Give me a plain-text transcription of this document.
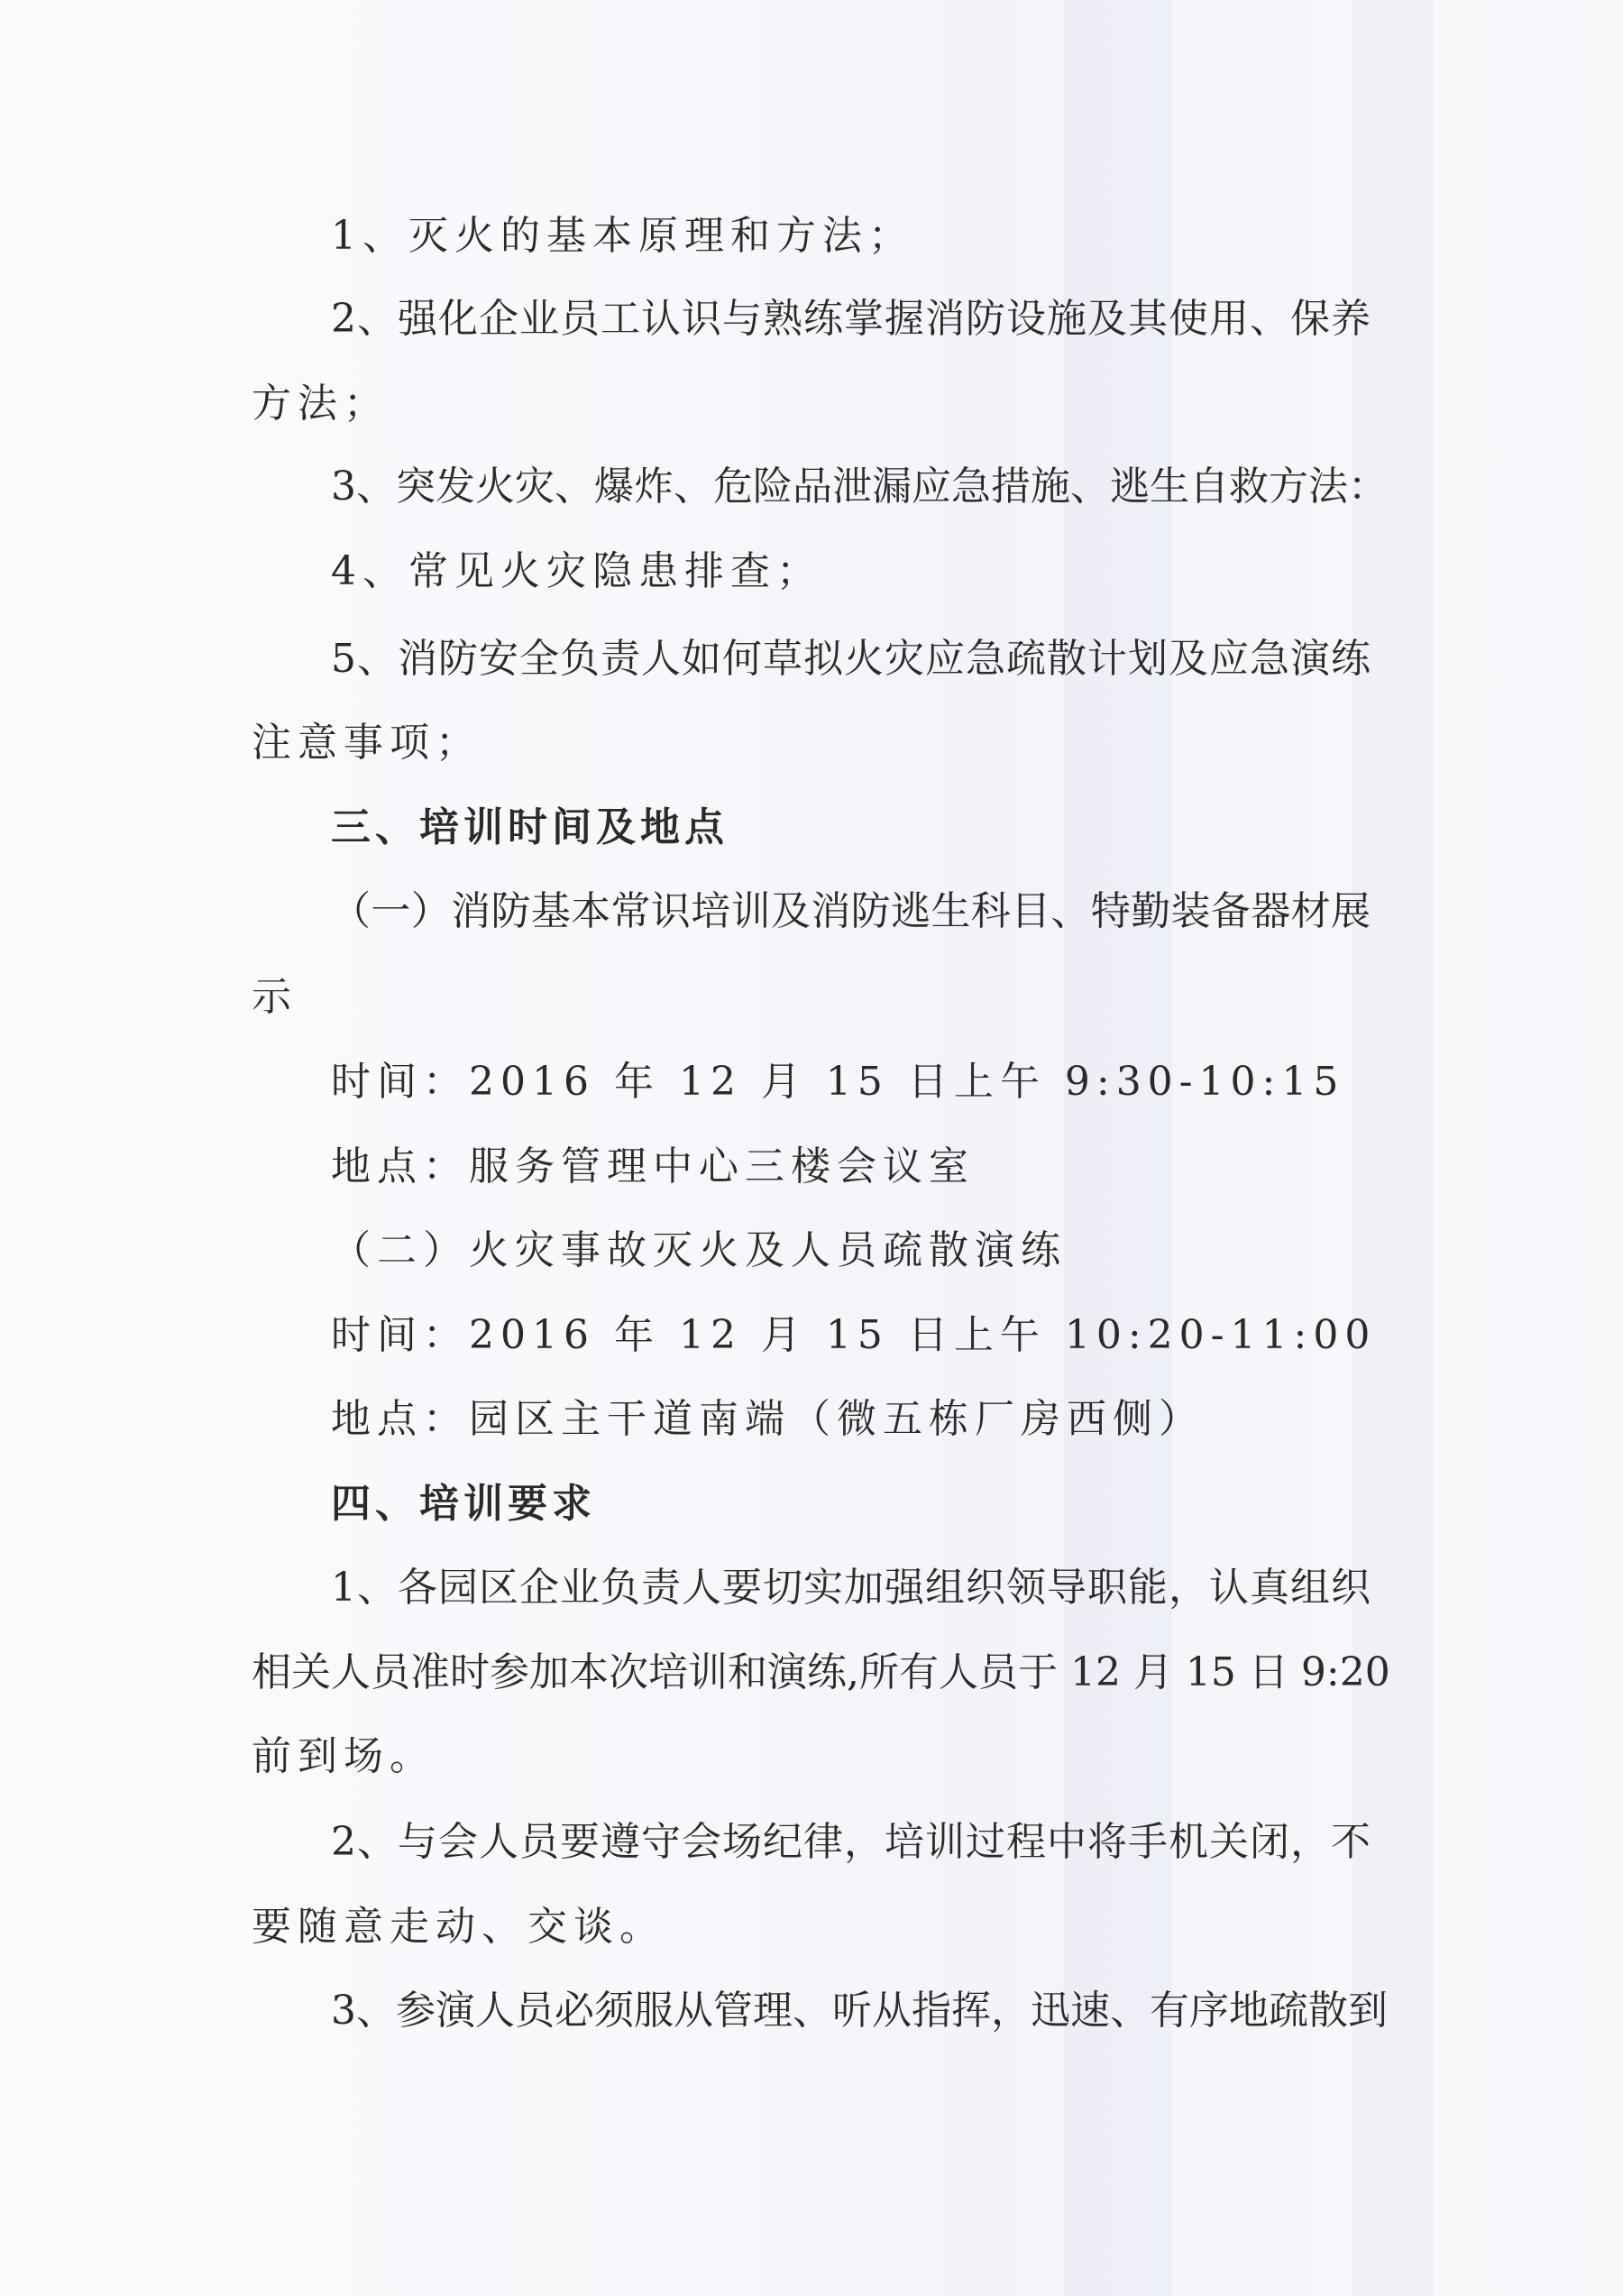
1、灭火的基本原理和方法；
2、强化企业员工认识与熟练掌握消防设施及其使用、保养
方法；
3、突发火灾、爆炸、危险品泄漏应急措施、逃生自救方法：
4、常见火灾隐患排查；
5、消防安全负责人如何草拟火灾应急疏散计划及应急演练
注意事项；
三、培训时间及地点
（一）消防基本常识培训及消防逃生科目、特勤装备器材展
示
时间：2016 年 12 月 15 日上午 9:30-10:15
地点：服务管理中心三楼会议室
（二）火灾事故灭火及人员疏散演练
时间：2016 年 12 月 15 日上午 10:20-11:00
地点：园区主干道南端（微五栋厂房西侧）
四、培训要求
1、各园区企业负责人要切实加强组织领导职能，认真组织
相关人员准时参加本次培训和演练,所有人员于 12 月 15 日 9:20
前到场。
2、与会人员要遵守会场纪律，培训过程中将手机关闭，不
要随意走动、交谈。
3、参演人员必须服从管理、听从指挥，迅速、有序地疏散到
